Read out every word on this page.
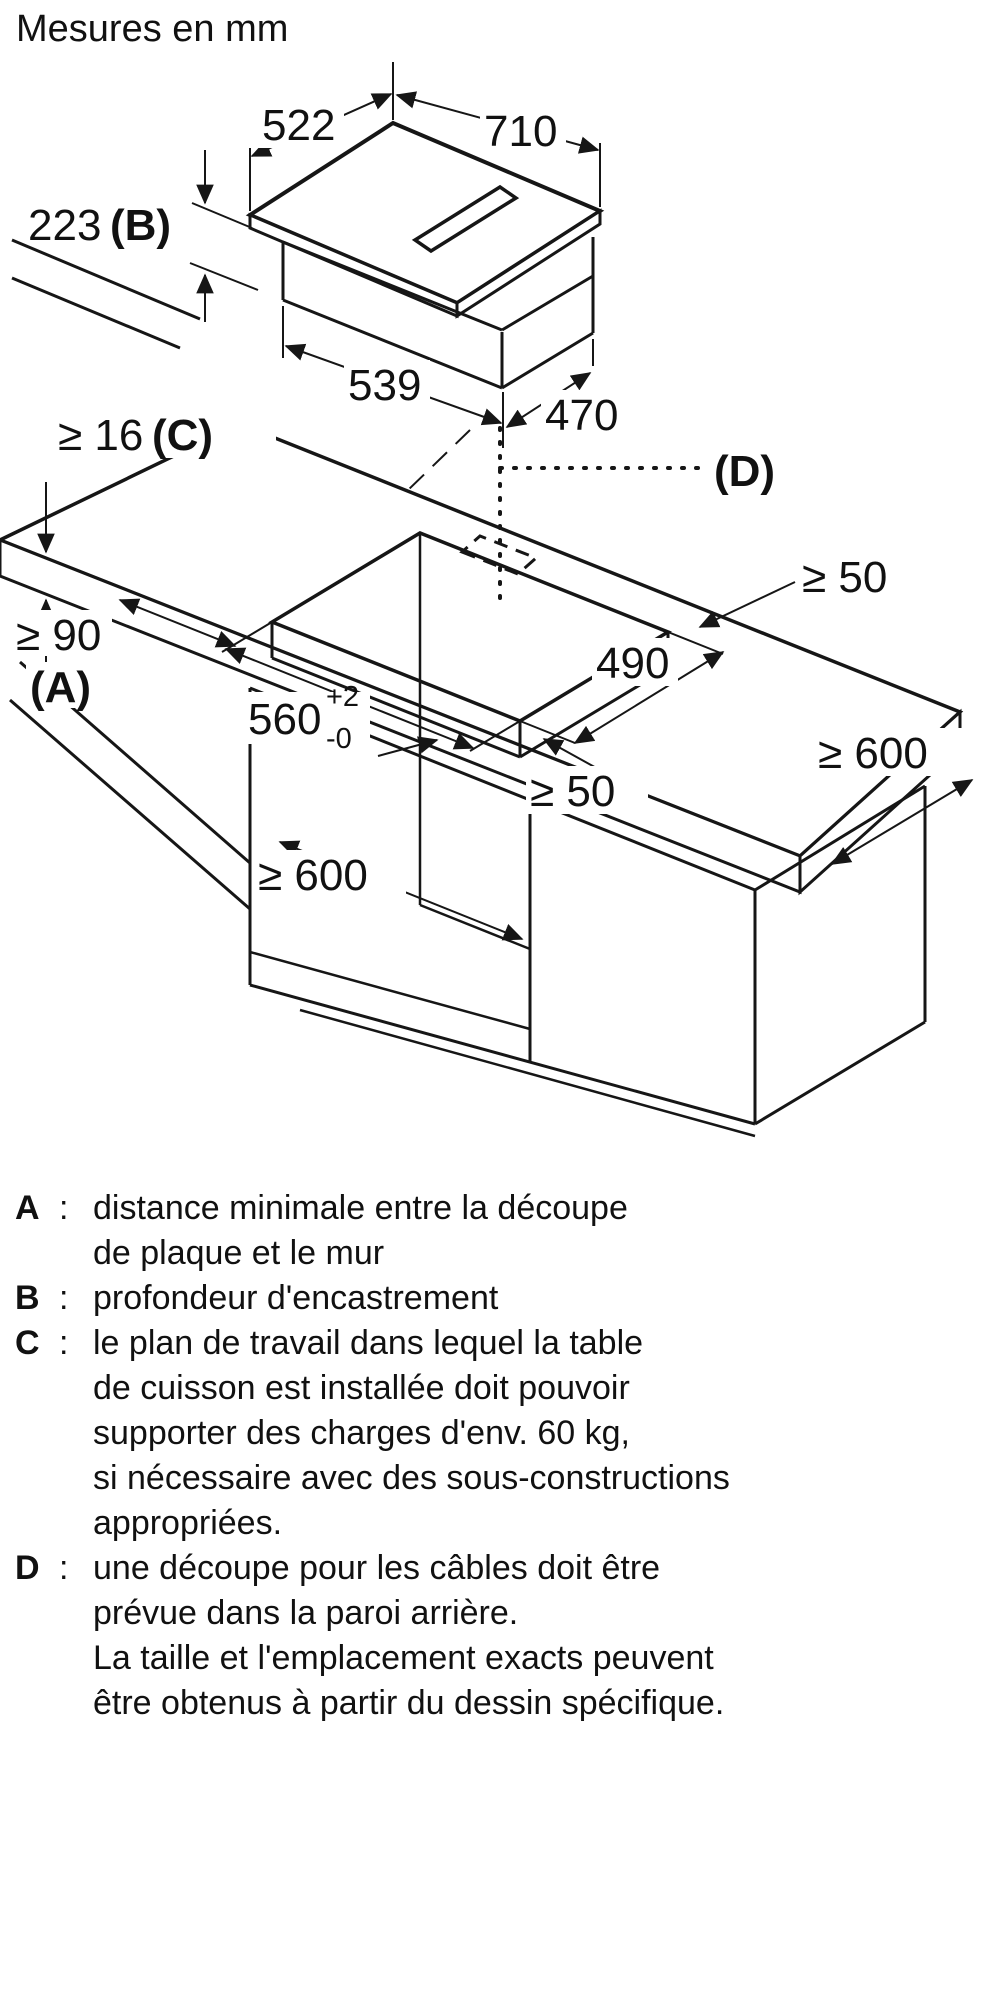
Mesures en mm
522	710
223 (B)
539
470
≥ 16 (C)
≥ 90
(A)
(D)
560 +2
-0
490
≥ 50
≥ 50
≥ 600
≥ 600
A : distance minimale entre la découpe
de plaque et le mur
B : profondeur d'encastrement
C : le plan de travail dans lequel la table
de cuisson est installée doit pouvoir
supporter des charges d'env. 60 kg,
si nécessaire avec des sous-constructions
appropriées.
D : une découpe pour les câbles doit être
prévue dans la paroi arrière.
La taille et l'emplacement exacts peuvent
être obtenus à partir du dessin spécifique.
